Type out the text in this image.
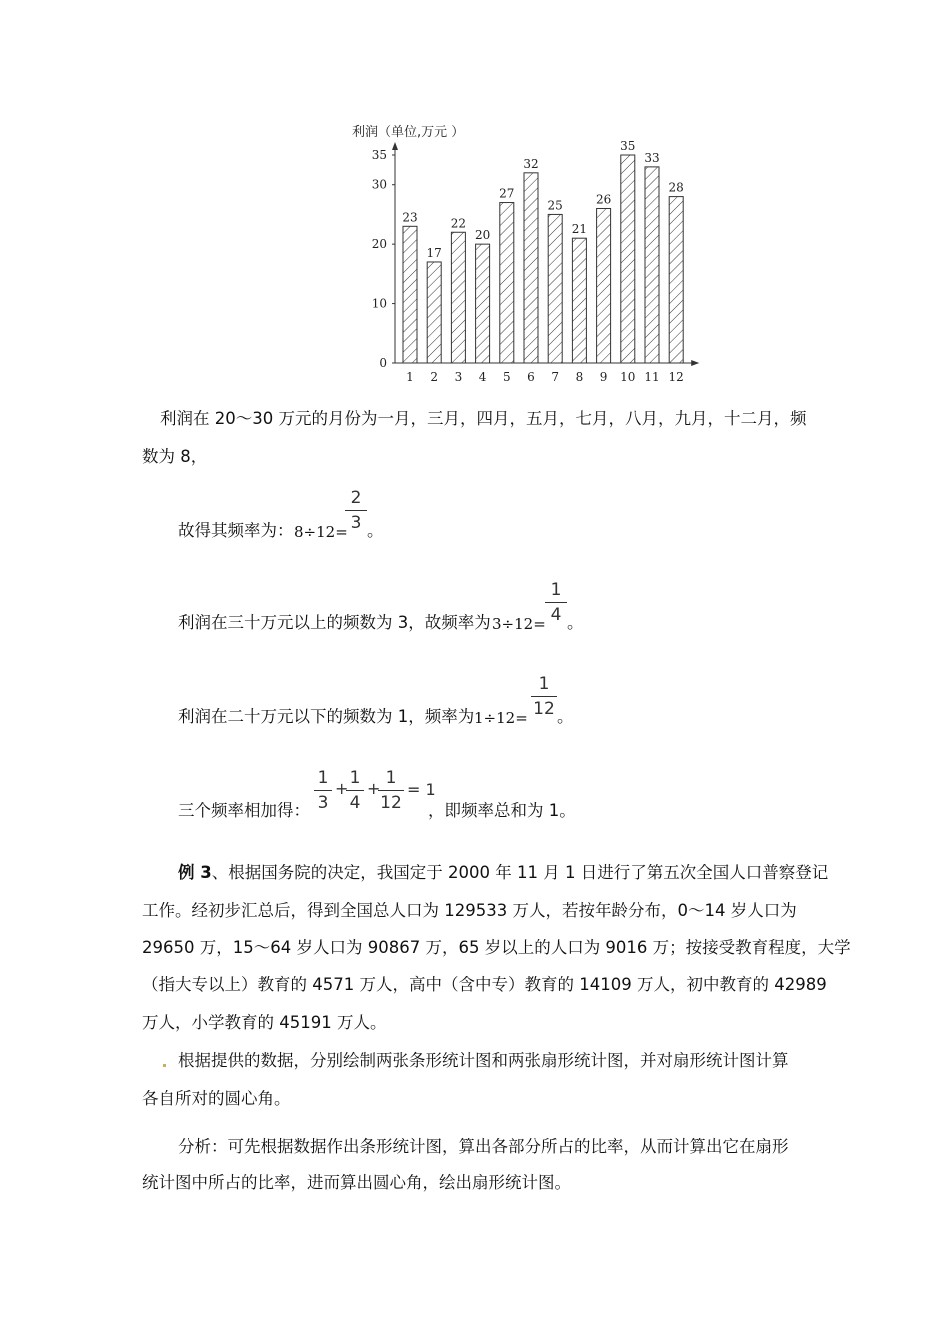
利润（单位,万元 ）
0
10
20
30
35
23
1
17
2
22
3
20
4
27
5
32
6
25
7
21
8
26
9
35
10
33
11
28
12
利润在 20～30 万元的月份为一月，三月，四月，五月，七月，八月，九月，十二月，频
数为 8，
故得其频率为： 8÷12=
2
3 。
利润在三十万元以上的频数为 3，故频率为 3÷12=
1
4 。
利润在二十万元以下的频数为 1，频率为 1÷12=
1
12 。
三个频率相加得：
1
3
+
1
4
+
1
12
= 1
，即频率总和为 1。
例 3、根据国务院的决定，我国定于 2000 年 11 月 1 日进行了第五次全国人口普察登记
工作。经初步汇总后，得到全国总人口为 129533 万人，若按年龄分布，0～14 岁人口为
29650 万，15～64 岁人口为 90867 万，65 岁以上的人口为 9016 万；按接受教育程度，大学
（指大专以上）教育的 4571 万人，高中（含中专）教育的 14109 万人，初中教育的 42989
万人，小学教育的 45191 万人。
根据提供的数据，分别绘制两张条形统计图和两张扇形统计图，并对扇形统计图计算
各自所对的圆心角。
分析：可先根据数据作出条形统计图，算出各部分所占的比率，从而计算出它在扇形
统计图中所占的比率，进而算出圆心角，绘出扇形统计图。
